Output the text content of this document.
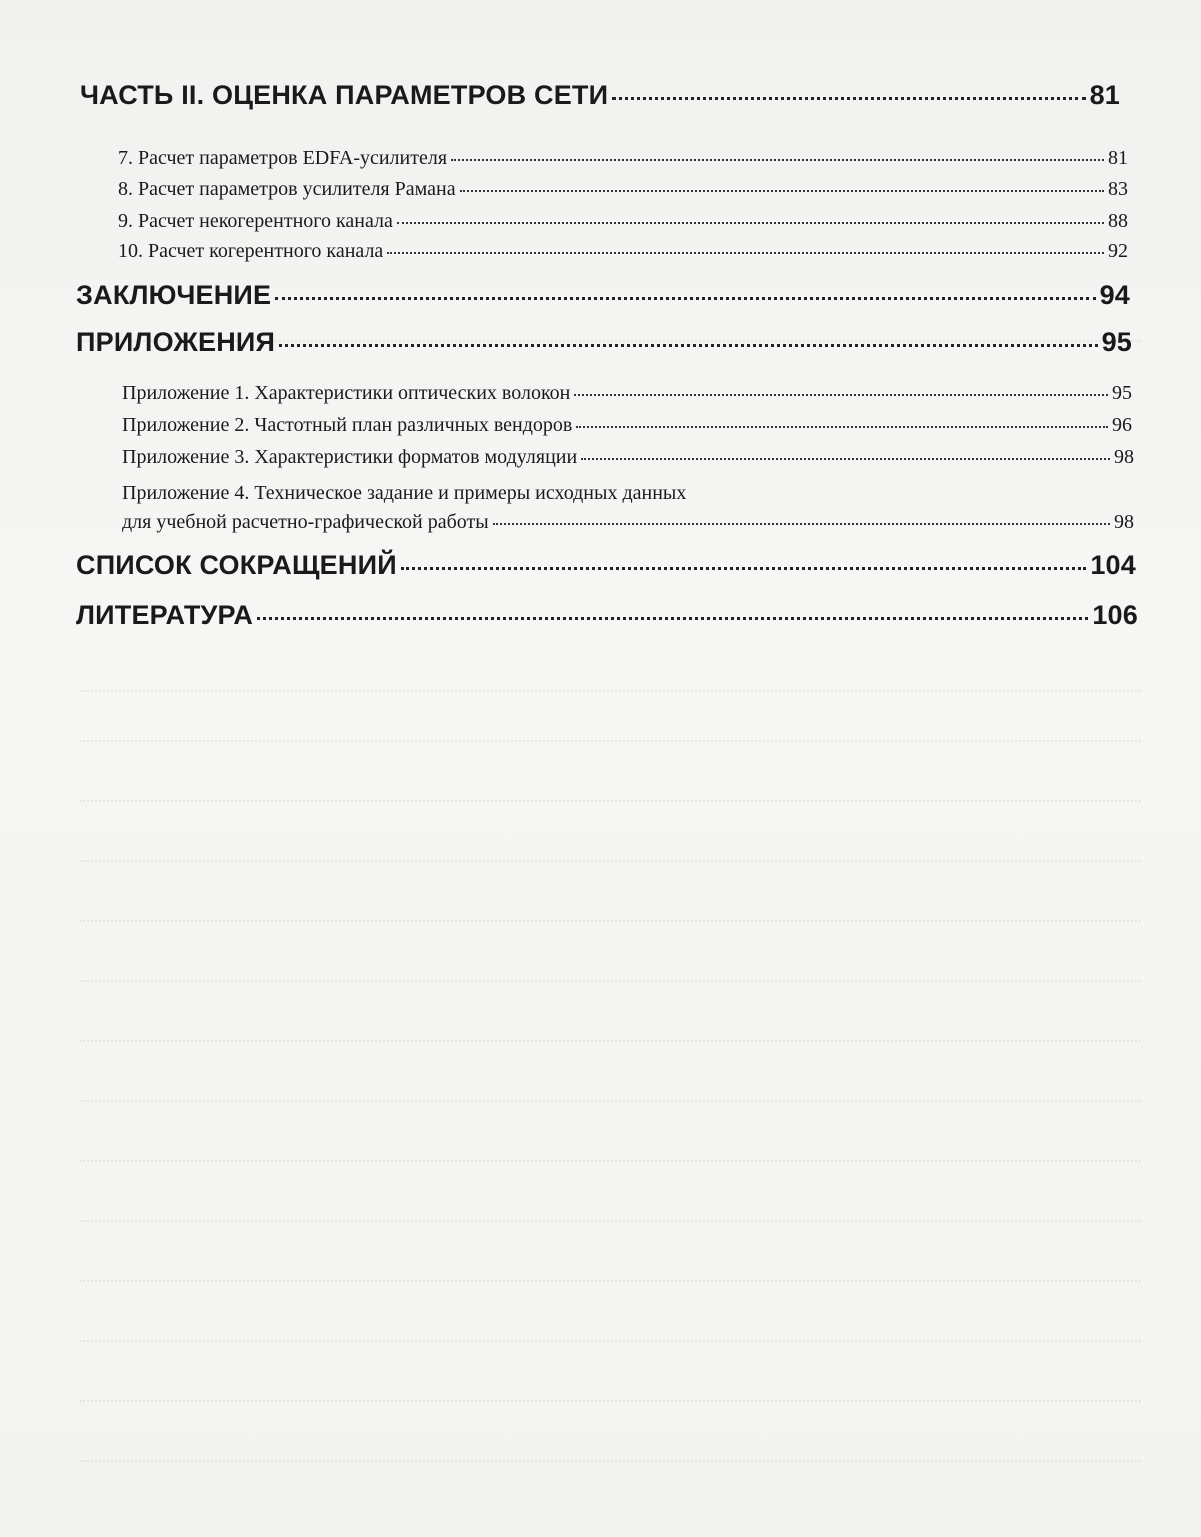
ЧАСТЬ II. ОЦЕНКА ПАРАМЕТРОВ СЕТИ	81
7. Расчет параметров EDFA-усилителя	81
8. Расчет параметров усилителя Рамана	83
9. Расчет некогерентного канала	88
10. Расчет когерентного канала	92
ЗАКЛЮЧЕНИЕ	94
ПРИЛОЖЕНИЯ	95
Приложение 1. Характеристики оптических волокон	95
Приложение 2. Частотный план различных вендоров	96
Приложение 3. Характеристики форматов модуляции	98
Приложение 4. Техническое задание и примеры исходных данных
для учебной расчетно-графической работы	98
СПИСОК СОКРАЩЕНИЙ	104
ЛИТЕРАТУРА	106
